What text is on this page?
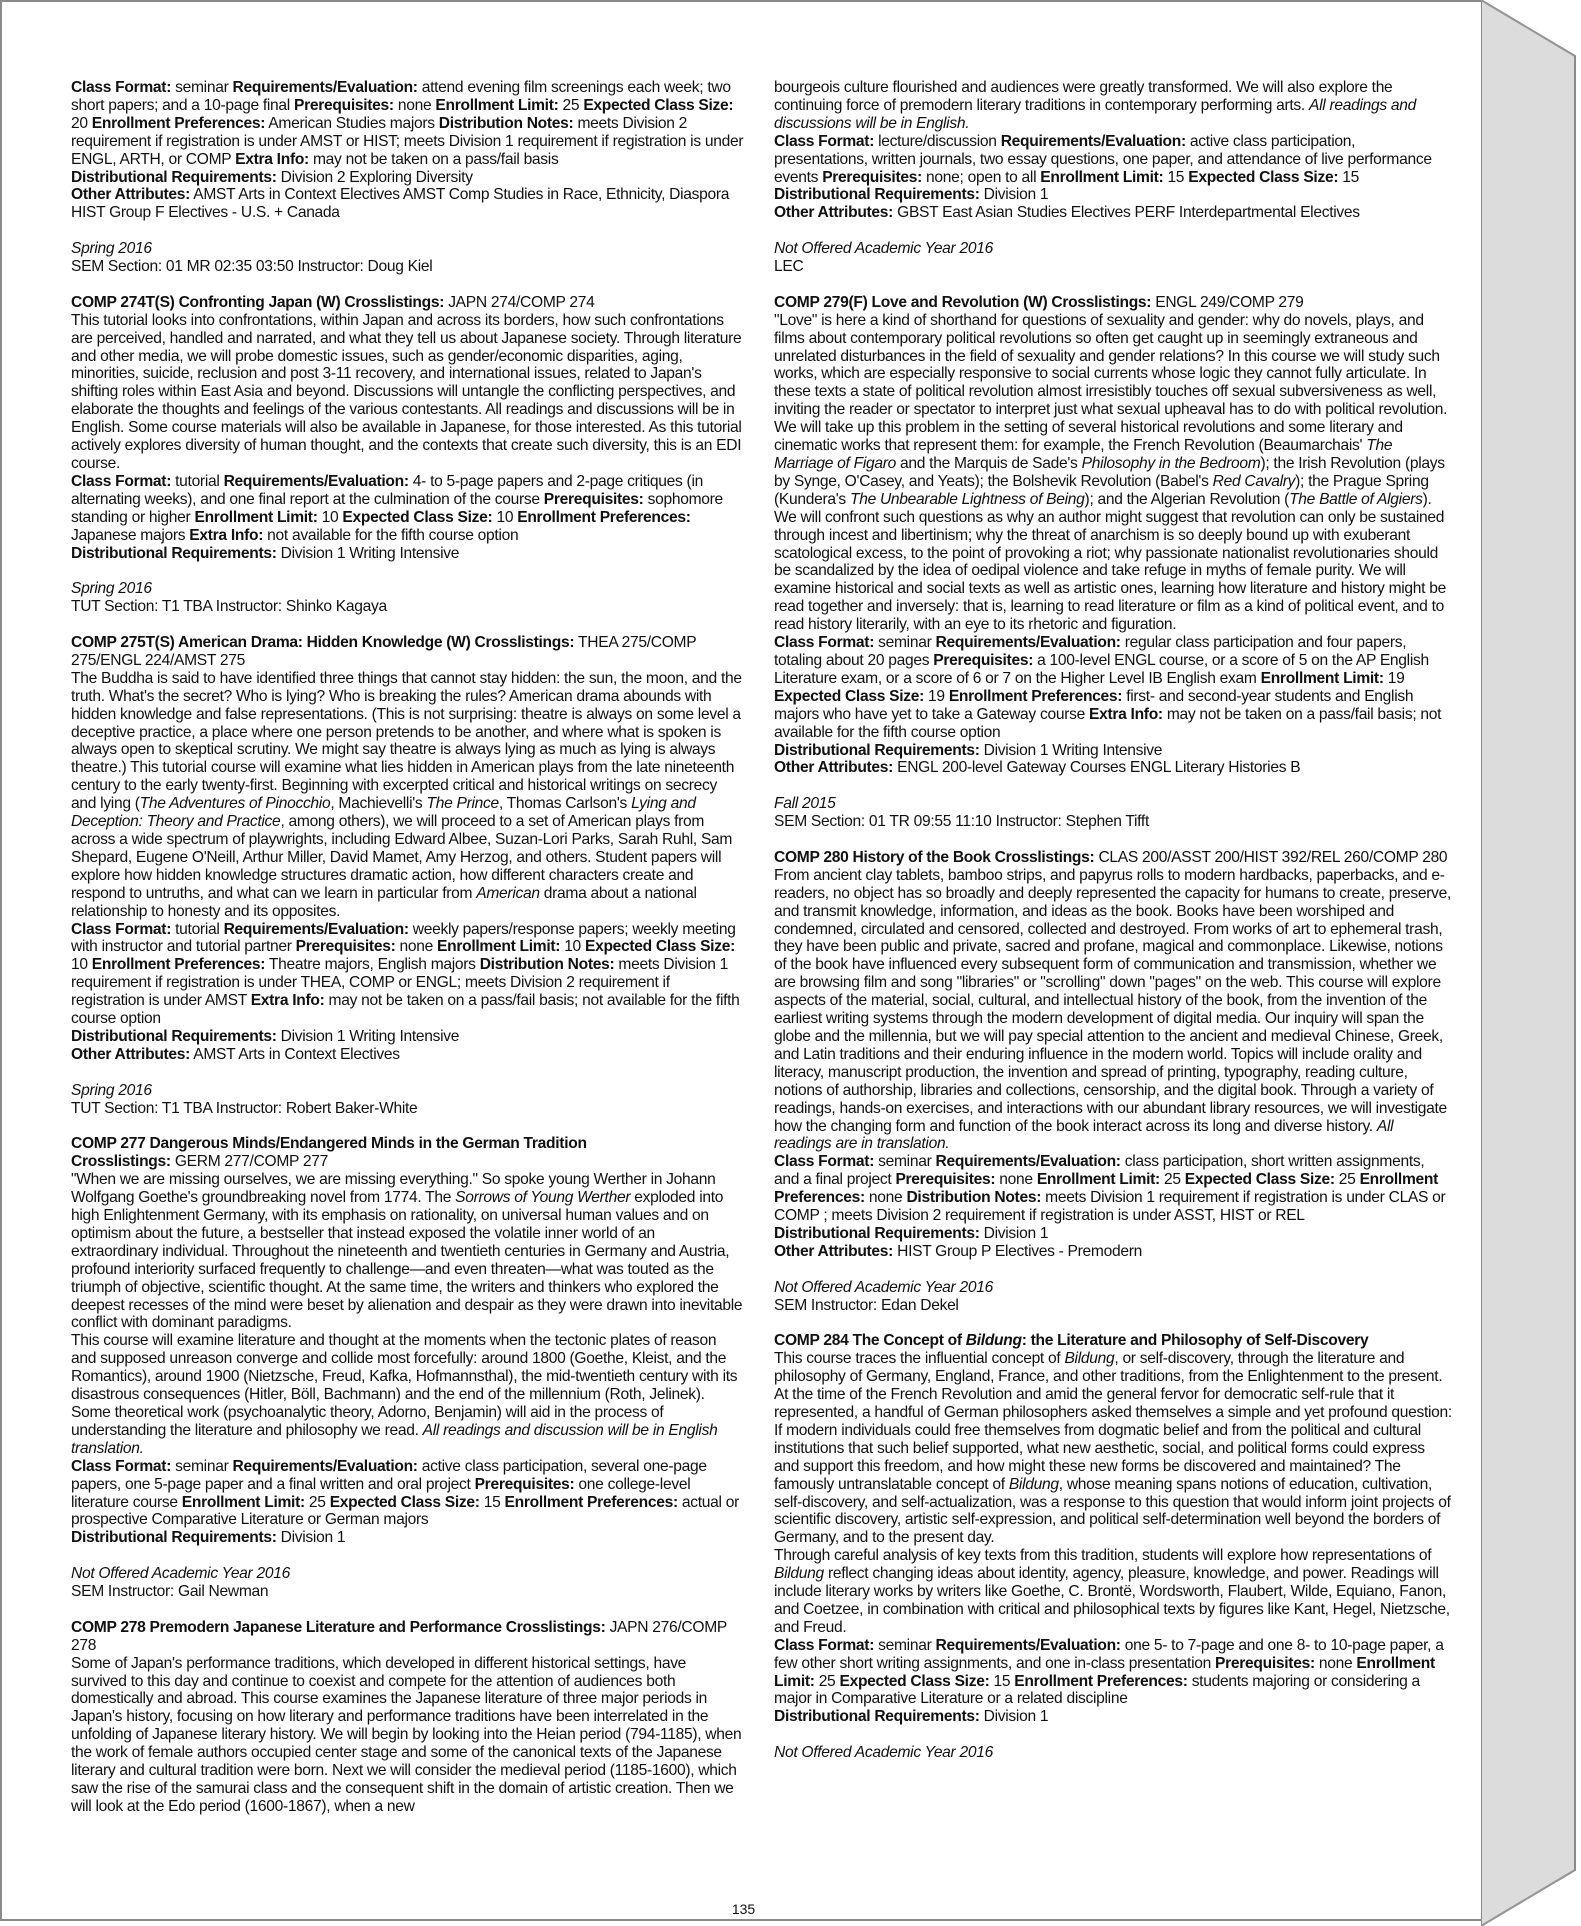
Class Format: seminar Requirements/Evaluation: attend evening film screenings each week; two short papers; and a 10-page final Prerequisites: none Enrollment Limit: 25 Expected Class Size: 20 Enrollment Preferences: American Studies majors Distribution Notes: meets Division 2 requirement if registration is under AMST or HIST; meets Division 1 requirement if registration is under ENGL, ARTH, or COMP Extra Info: may not be taken on a pass/fail basis

Distributional Requirements: Division 2 Exploring Diversity

Other Attributes: AMST Arts in Context Electives AMST Comp Studies in Race, Ethnicity, Diaspora HIST Group F Electives - U.S. + Canada

Spring 2016

SEM Section: 01 MR 02:35 03:50 Instructor: Doug Kiel

COMP 274T(S) Confronting Japan (W) Crosslistings: JAPN 274/COMP 274

This tutorial looks into confrontations, within Japan and across its borders, how such confrontations are perceived, handled and narrated, and what they tell us about Japanese society. Through literature and other media, we will probe domestic issues, such as gender/economic disparities, aging, minorities, suicide, reclusion and post 3-11 recovery, and international issues, related to Japan's shifting roles within East Asia and beyond. Discussions will untangle the conflicting perspectives, and elaborate the thoughts and feelings of the various contestants. All readings and discussions will be in English. Some course materials will also be available in Japanese, for those interested. As this tutorial actively explores diversity of human thought, and the contexts that create such diversity, this is an EDI course.

Class Format: tutorial Requirements/Evaluation: 4- to 5-page papers and 2-page critiques (in alternating weeks), and one final report at the culmination of the course Prerequisites: sophomore standing or higher Enrollment Limit: 10 Expected Class Size: 10 Enrollment Preferences: Japanese majors Extra Info: not available for the fifth course option

Distributional Requirements: Division 1 Writing Intensive

Spring 2016

TUT Section: T1 TBA Instructor: Shinko Kagaya

COMP 275T(S) American Drama: Hidden Knowledge (W) Crosslistings: THEA 275/COMP 275/ENGL 224/AMST 275

The Buddha is said to have identified three things that cannot stay hidden: the sun, the moon, and the truth. What's the secret? Who is lying? Who is breaking the rules? American drama abounds with hidden knowledge and false representations. (This is not surprising: theatre is always on some level a deceptive practice, a place where one person pretends to be another, and where what is spoken is always open to skeptical scrutiny. We might say theatre is always lying as much as lying is always theatre.) This tutorial course will examine what lies hidden in American plays from the late nineteenth century to the early twenty-first. Beginning with excerpted critical and historical writings on secrecy and lying (The Adventures of Pinocchio, Machievelli's The Prince, Thomas Carlson's Lying and Deception: Theory and Practice, among others), we will proceed to a set of American plays from across a wide spectrum of playwrights, including Edward Albee, Suzan-Lori Parks, Sarah Ruhl, Sam Shepard, Eugene O'Neill, Arthur Miller, David Mamet, Amy Herzog, and others. Student papers will explore how hidden knowledge structures dramatic action, how different characters create and respond to untruths, and what can we learn in particular from American drama about a national relationship to honesty and its opposites.

Class Format: tutorial Requirements/Evaluation: weekly papers/response papers; weekly meeting with instructor and tutorial partner Prerequisites: none Enrollment Limit: 10 Expected Class Size: 10 Enrollment Preferences: Theatre majors, English majors Distribution Notes: meets Division 1 requirement if registration is under THEA, COMP or ENGL; meets Division 2 requirement if registration is under AMST Extra Info: may not be taken on a pass/fail basis; not available for the fifth course option

Distributional Requirements: Division 1 Writing Intensive

Other Attributes: AMST Arts in Context Electives

Spring 2016

TUT Section: T1 TBA Instructor: Robert Baker-White

COMP 277 Dangerous Minds/Endangered Minds in the German Tradition

Crosslistings: GERM 277/COMP 277

"When we are missing ourselves, we are missing everything." So spoke young Werther in Johann Wolfgang Goethe's groundbreaking novel from 1774. The Sorrows of Young Werther exploded into high Enlightenment Germany, with its emphasis on rationality, on universal human values and on optimism about the future, a bestseller that instead exposed the volatile inner world of an extraordinary individual. Throughout the nineteenth and twentieth centuries in Germany and Austria, profound interiority surfaced frequently to challenge—and even threaten—what was touted as the triumph of objective, scientific thought. At the same time, the writers and thinkers who explored the deepest recesses of the mind were beset by alienation and despair as they were drawn into inevitable conflict with dominant paradigms.

This course will examine literature and thought at the moments when the tectonic plates of reason and supposed unreason converge and collide most forcefully: around 1800 (Goethe, Kleist, and the Romantics), around 1900 (Nietzsche, Freud, Kafka, Hofmannsthal), the mid-twentieth century with its disastrous consequences (Hitler, Böll, Bachmann) and the end of the millennium (Roth, Jelinek). Some theoretical work (psychoanalytic theory, Adorno, Benjamin) will aid in the process of understanding the literature and philosophy we read. All readings and discussion will be in English translation.

Class Format: seminar Requirements/Evaluation: active class participation, several one-page papers, one 5-page paper and a final written and oral project Prerequisites: one college-level literature course Enrollment Limit: 25 Expected Class Size: 15 Enrollment Preferences: actual or prospective Comparative Literature or German majors

Distributional Requirements: Division 1

Not Offered Academic Year 2016

SEM Instructor: Gail Newman

COMP 278 Premodern Japanese Literature and Performance Crosslistings: JAPN 276/COMP 278

Some of Japan's performance traditions, which developed in different historical settings, have survived to this day and continue to coexist and compete for the attention of audiences both domestically and abroad. This course examines the Japanese literature of three major periods in Japan's history, focusing on how literary and performance traditions have been interrelated in the unfolding of Japanese literary history. We will begin by looking into the Heian period (794-1185), when the work of female authors occupied center stage and some of the canonical texts of the Japanese literary and cultural tradition were born. Next we will consider the medieval period (1185-1600), which saw the rise of the samurai class and the consequent shift in the domain of artistic creation. Then we will look at the Edo period (1600-1867), when a new

bourgeois culture flourished and audiences were greatly transformed. We will also explore the continuing force of premodern literary traditions in contemporary performing arts. All readings and discussions will be in English.

Class Format: lecture/discussion Requirements/Evaluation: active class participation, presentations, written journals, two essay questions, one paper, and attendance of live performance events Prerequisites: none; open to all Enrollment Limit: 15 Expected Class Size: 15

Distributional Requirements: Division 1

Other Attributes: GBST East Asian Studies Electives PERF Interdepartmental Electives

Not Offered Academic Year 2016

LEC

COMP 279(F) Love and Revolution (W) Crosslistings: ENGL 249/COMP 279

"Love" is here a kind of shorthand for questions of sexuality and gender: why do novels, plays, and films about contemporary political revolutions so often get caught up in seemingly extraneous and unrelated disturbances in the field of sexuality and gender relations? In this course we will study such works, which are especially responsive to social currents whose logic they cannot fully articulate. In these texts a state of political revolution almost irresistibly touches off sexual subversiveness as well, inviting the reader or spectator to interpret just what sexual upheaval has to do with political revolution. We will take up this problem in the setting of several historical revolutions and some literary and cinematic works that represent them: for example, the French Revolution (Beaumarchais' The Marriage of Figaro and the Marquis de Sade's Philosophy in the Bedroom); the Irish Revolution (plays by Synge, O'Casey, and Yeats); the Bolshevik Revolution (Babel's Red Cavalry); the Prague Spring (Kundera's The Unbearable Lightness of Being); and the Algerian Revolution (The Battle of Algiers). We will confront such questions as why an author might suggest that revolution can only be sustained through incest and libertinism; why the threat of anarchism is so deeply bound up with exuberant scatological excess, to the point of provoking a riot; why passionate nationalist revolutionaries should be scandalized by the idea of oedipal violence and take refuge in myths of female purity. We will examine historical and social texts as well as artistic ones, learning how literature and history might be read together and inversely: that is, learning to read literature or film as a kind of political event, and to read history literarily, with an eye to its rhetoric and figuration.

Class Format: seminar Requirements/Evaluation: regular class participation and four papers, totaling about 20 pages Prerequisites: a 100-level ENGL course, or a score of 5 on the AP English Literature exam, or a score of 6 or 7 on the Higher Level IB English exam Enrollment Limit: 19 Expected Class Size: 19 Enrollment Preferences: first- and second-year students and English majors who have yet to take a Gateway course Extra Info: may not be taken on a pass/fail basis; not available for the fifth course option

Distributional Requirements: Division 1 Writing Intensive

Other Attributes: ENGL 200-level Gateway Courses ENGL Literary Histories B

Fall 2015

SEM Section: 01 TR 09:55 11:10 Instructor: Stephen Tifft

COMP 280 History of the Book Crosslistings: CLAS 200/ASST 200/HIST 392/REL 260/COMP 280

From ancient clay tablets, bamboo strips, and papyrus rolls to modern hardbacks, paperbacks, and e-readers, no object has so broadly and deeply represented the capacity for humans to create, preserve, and transmit knowledge, information, and ideas as the book. Books have been worshiped and condemned, circulated and censored, collected and destroyed. From works of art to ephemeral trash, they have been public and private, sacred and profane, magical and commonplace. Likewise, notions of the book have influenced every subsequent form of communication and transmission, whether we are browsing film and song "libraries" or "scrolling" down "pages" on the web. This course will explore aspects of the material, social, cultural, and intellectual history of the book, from the invention of the earliest writing systems through the modern development of digital media. Our inquiry will span the globe and the millennia, but we will pay special attention to the ancient and medieval Chinese, Greek, and Latin traditions and their enduring influence in the modern world. Topics will include orality and literacy, manuscript production, the invention and spread of printing, typography, reading culture, notions of authorship, libraries and collections, censorship, and the digital book. Through a variety of readings, hands-on exercises, and interactions with our abundant library resources, we will investigate how the changing form and function of the book interact across its long and diverse history. All readings are in translation.

Class Format: seminar Requirements/Evaluation: class participation, short written assignments, and a final project Prerequisites: none Enrollment Limit: 25 Expected Class Size: 25 Enrollment Preferences: none Distribution Notes: meets Division 1 requirement if registration is under CLAS or COMP ; meets Division 2 requirement if registration is under ASST, HIST or REL

Distributional Requirements: Division 1

Other Attributes: HIST Group P Electives - Premodern

Not Offered Academic Year 2016

SEM Instructor: Edan Dekel

COMP 284 The Concept of Bildung: the Literature and Philosophy of Self-Discovery

This course traces the influential concept of Bildung, or self-discovery, through the literature and philosophy of Germany, England, France, and other traditions, from the Enlightenment to the present. At the time of the French Revolution and amid the general fervor for democratic self-rule that it represented, a handful of German philosophers asked themselves a simple and yet profound question: If modern individuals could free themselves from dogmatic belief and from the political and cultural institutions that such belief supported, what new aesthetic, social, and political forms could express and support this freedom, and how might these new forms be discovered and maintained? The famously untranslatable concept of Bildung, whose meaning spans notions of education, cultivation, self-discovery, and self-actualization, was a response to this question that would inform joint projects of scientific discovery, artistic self-expression, and political self-determination well beyond the borders of Germany, and to the present day.

Through careful analysis of key texts from this tradition, students will explore how representations of Bildung reflect changing ideas about identity, agency, pleasure, knowledge, and power. Readings will include literary works by writers like Goethe, C. Brontë, Wordsworth, Flaubert, Wilde, Equiano, Fanon, and Coetzee, in combination with critical and philosophical texts by figures like Kant, Hegel, Nietzsche, and Freud.

Class Format: seminar Requirements/Evaluation: one 5- to 7-page and one 8- to 10-page paper, a few other short writing assignments, and one in-class presentation Prerequisites: none Enrollment Limit: 25 Expected Class Size: 15 Enrollment Preferences: students majoring or considering a major in Comparative Literature or a related discipline

Distributional Requirements: Division 1

Not Offered Academic Year 2016

135
